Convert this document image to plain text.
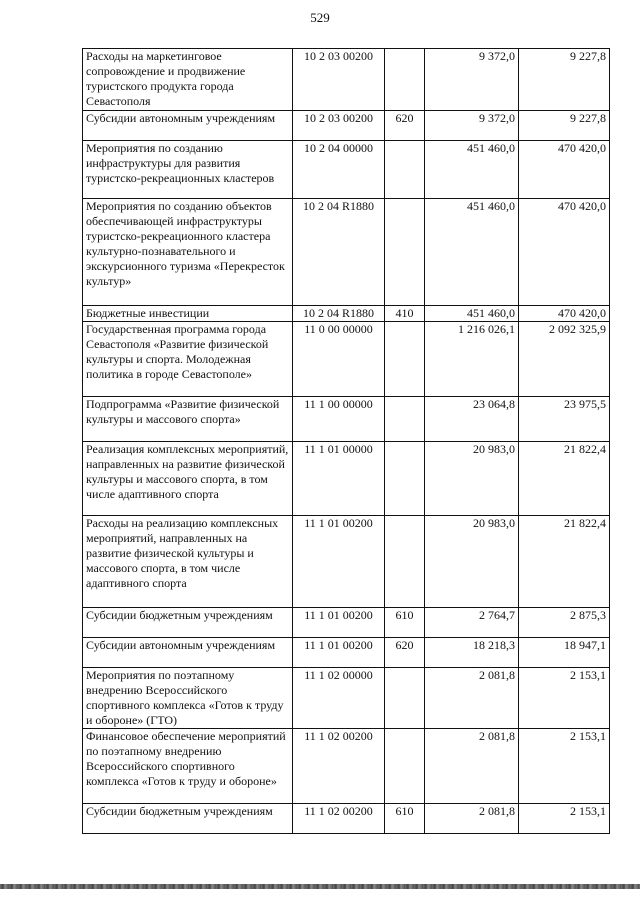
529
Расходы на маркетинговое сопровождение и продвижение туристского продукта города Севастополя	10 2 03 00200		9 372,0	9 227,8
Субсидии автономным учреждениям	10 2 03 00200	620	9 372,0	9 227,8
Мероприятия по созданию инфраструктуры для развития туристско-рекреационных кластеров	10 2 04 00000		451 460,0	470 420,0
Мероприятия по созданию объектов обеспечивающей инфраструктуры туристско-рекреационного кластера культурно-познавательного и экскурсионного туризма «Перекресток культур»	10 2 04 R1880		451 460,0	470 420,0
Бюджетные инвестиции	10 2 04 R1880	410	451 460,0	470 420,0
Государственная программа города Севастополя «Развитие физической культуры и спорта. Молодежная политика в городе Севастополе»	11 0 00 00000		1 216 026,1	2 092 325,9
Подпрограмма «Развитие физической культуры и массового спорта»	11 1 00 00000		23 064,8	23 975,5
Реализация комплексных мероприятий, направленных на развитие физической культуры и массового спорта, в том числе адаптивного спорта	11 1 01 00000		20 983,0	21 822,4
Расходы на реализацию комплексных мероприятий, направленных на развитие физической культуры и массового спорта, в том числе адаптивного спорта	11 1 01 00200		20 983,0	21 822,4
Субсидии бюджетным учреждениям	11 1 01 00200	610	2 764,7	2 875,3
Субсидии автономным учреждениям	11 1 01 00200	620	18 218,3	18 947,1
Мероприятия по поэтапному внедрению Всероссийского спортивного комплекса «Готов к труду и обороне» (ГТО)	11 1 02 00000		2 081,8	2 153,1
Финансовое обеспечение мероприятий по поэтапному внедрению Всероссийского спортивного комплекса «Готов к труду и обороне»	11 1 02 00200		2 081,8	2 153,1
Субсидии бюджетным учреждениям	11 1 02 00200	610	2 081,8	2 153,1
